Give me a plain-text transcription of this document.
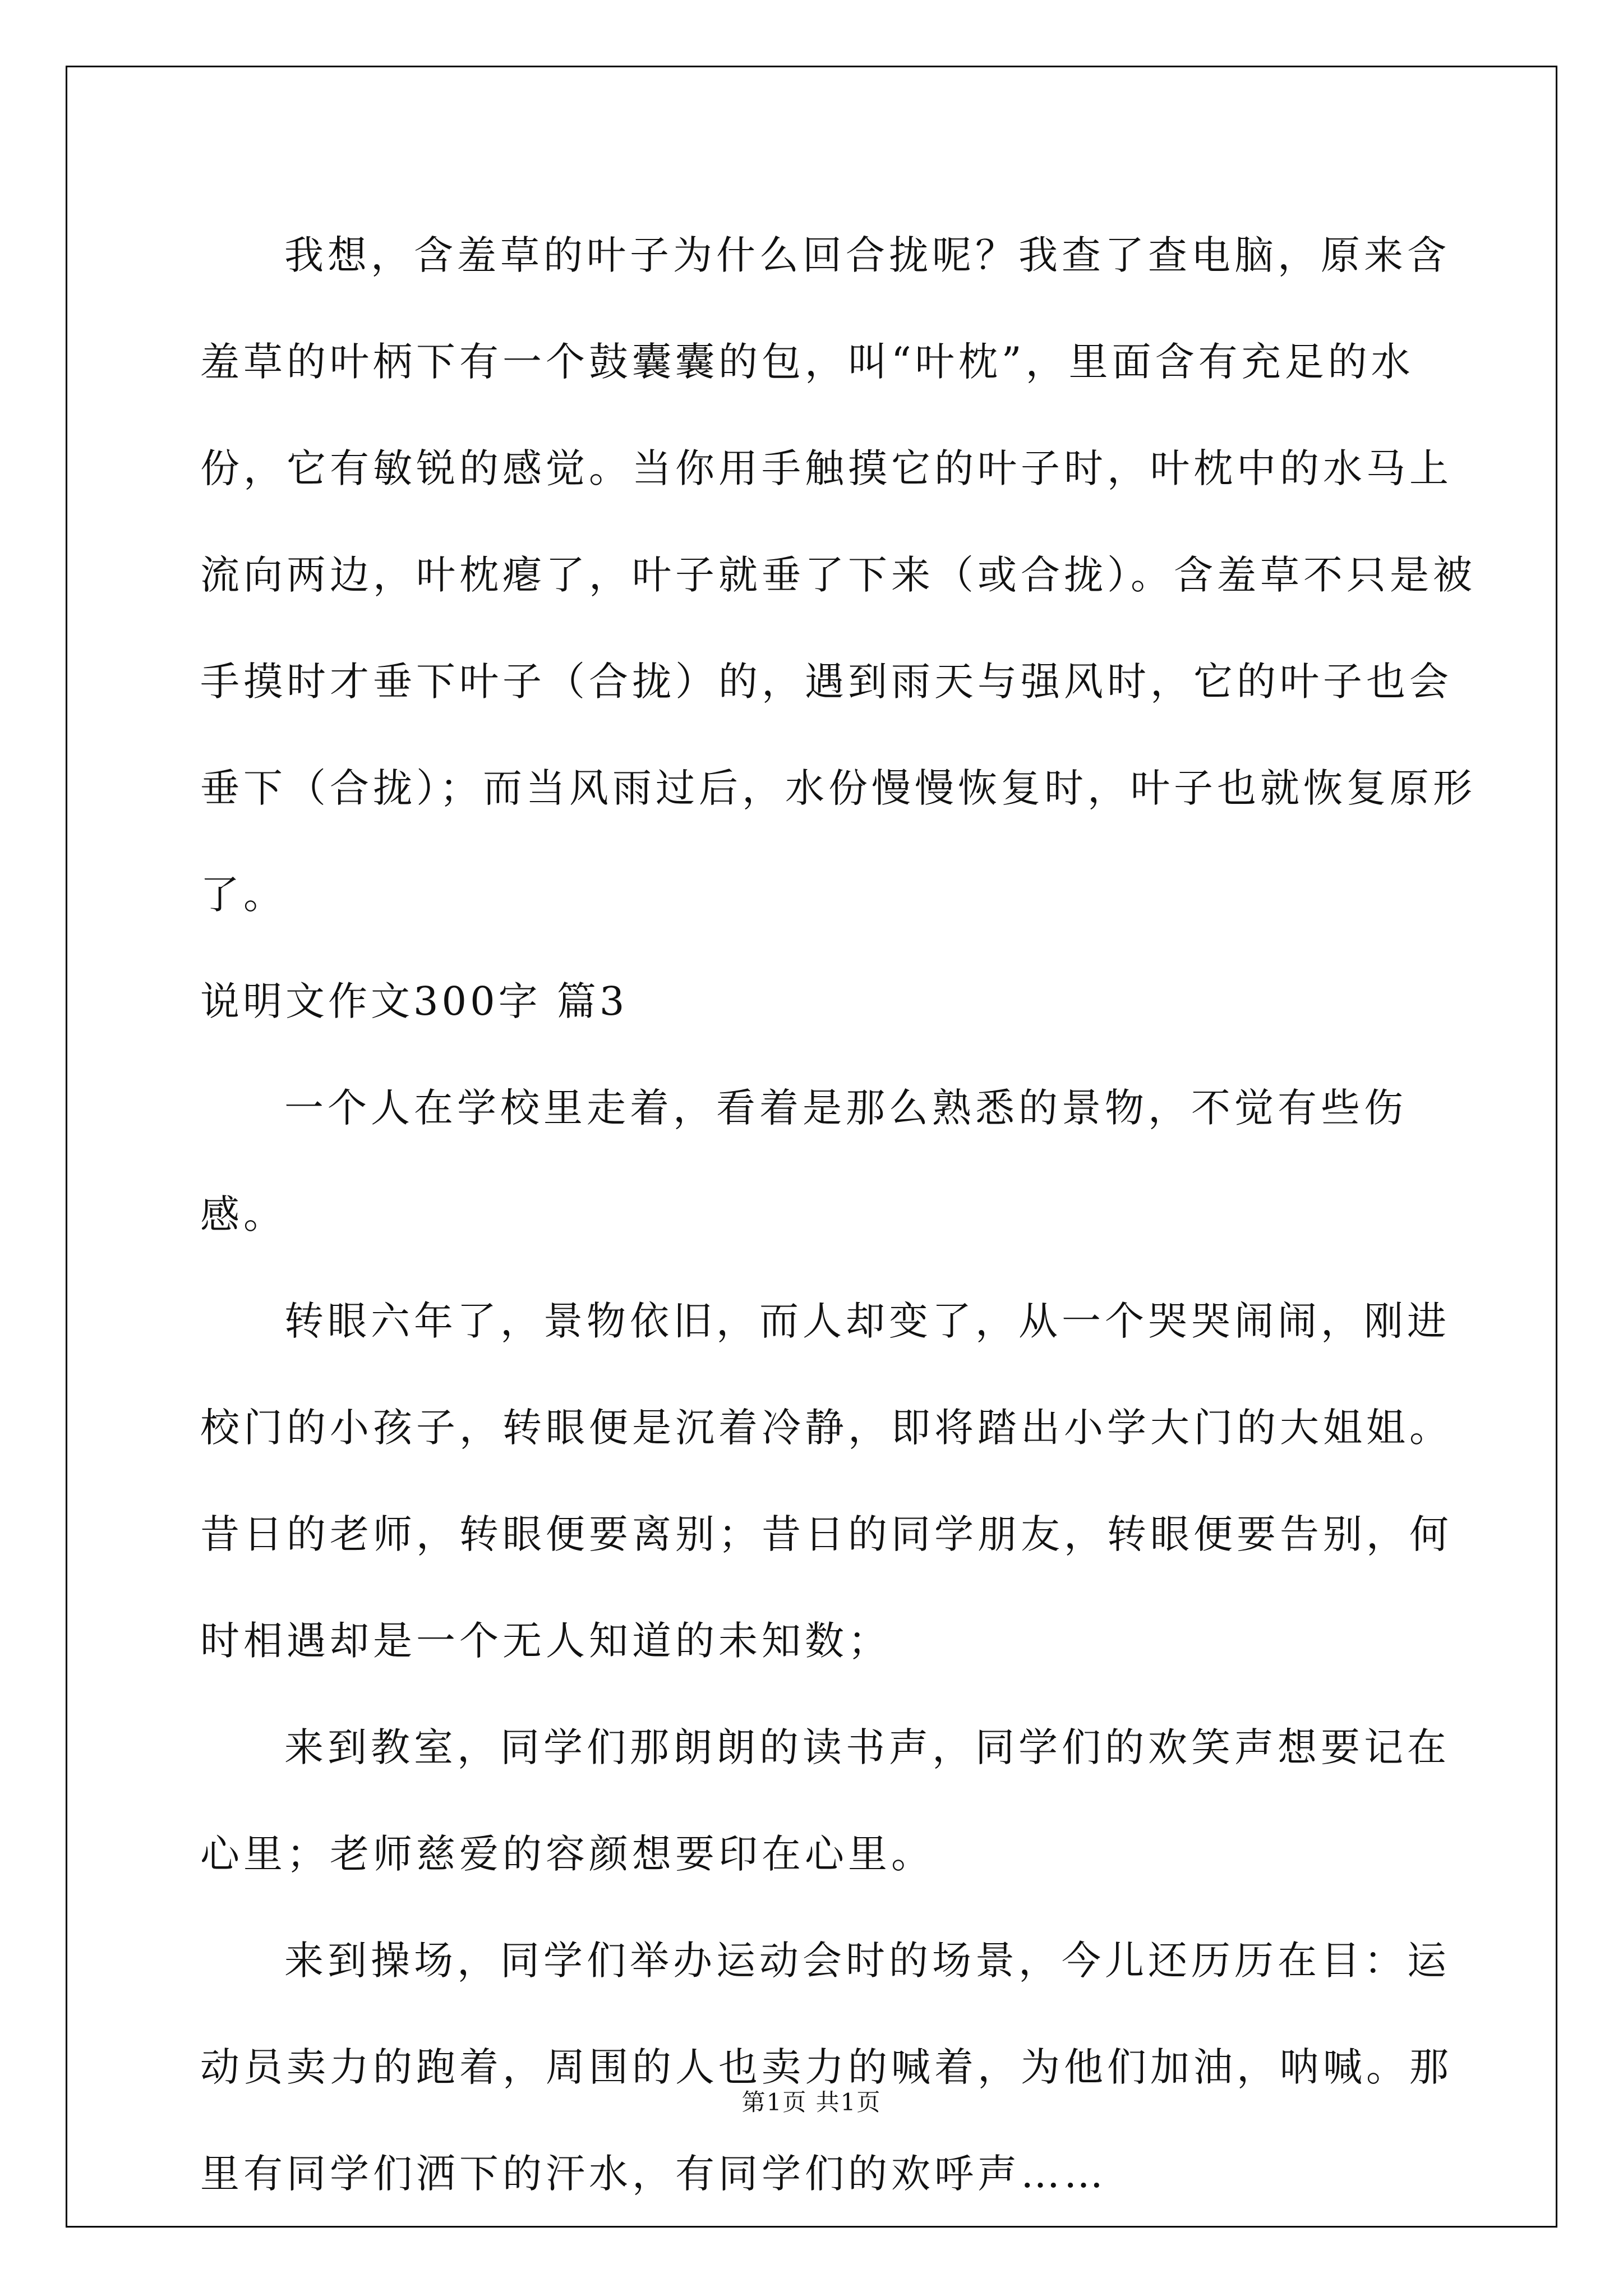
我想，含羞草的叶子为什么回合拢呢？我查了查电脑，原来含羞草的叶柄下有一个鼓囊囊的包，叫“叶枕”，里面含有充足的水份，它有敏锐的感觉。当你用手触摸它的叶子时，叶枕中的水马上流向两边，叶枕瘪了，叶子就垂了下来（或合拢）。含羞草不只是被手摸时才垂下叶子（合拢）的，遇到雨天与强风时，它的叶子也会垂下（合拢）；而当风雨过后，水份慢慢恢复时，叶子也就恢复原形了。

说明文作文300字 篇3

一个人在学校里走着，看着是那么熟悉的景物，不觉有些伤感。

转眼六年了，景物依旧，而人却变了，从一个哭哭闹闹，刚进校门的小孩子，转眼便是沉着冷静，即将踏出小学大门的大姐姐。昔日的老师，转眼便要离别；昔日的同学朋友，转眼便要告别，何时相遇却是一个无人知道的未知数；

来到教室，同学们那朗朗的读书声，同学们的欢笑声想要记在心里；老师慈爱的容颜想要印在心里。

来到操场，同学们举办运动会时的场景，今儿还历历在目：运动员卖力的跑着，周围的人也卖力的喊着，为他们加油，呐喊。那里有同学们洒下的汗水，有同学们的欢呼声……

第1页 共1页
